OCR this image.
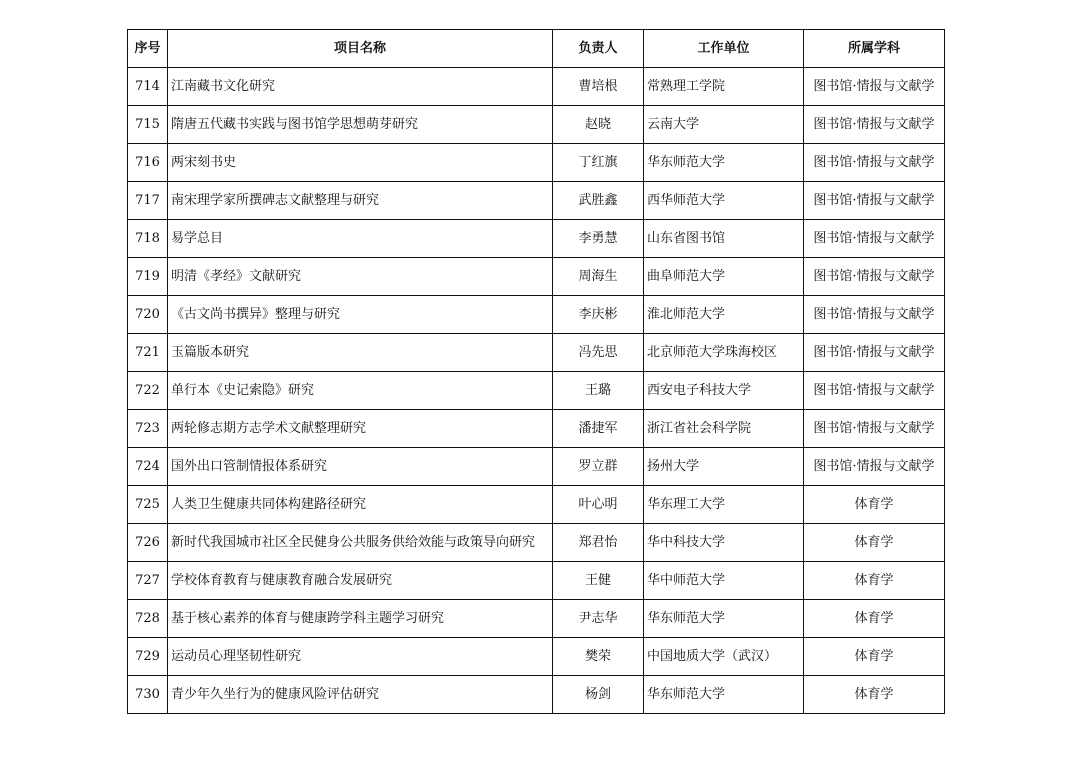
序号	项目名称	负责人	工作单位	所属学科
714	江南藏书文化研究	曹培根	常熟理工学院	图书馆·情报与文献学

715	隋唐五代藏书实践与图书馆学思想萌芽研究	赵晓	云南大学	图书馆·情报与文献学

716	两宋刻书史	丁红旗	华东师范大学	图书馆·情报与文献学

717	南宋理学家所撰碑志文献整理与研究	武胜鑫	西华师范大学	图书馆·情报与文献学

718	易学总目	李勇慧	山东省图书馆	图书馆·情报与文献学

719	明清《孝经》文献研究	周海生	曲阜师范大学	图书馆·情报与文献学

720	《古文尚书撰异》整理与研究	李庆彬	淮北师范大学	图书馆·情报与文献学

721	玉篇版本研究	冯先思	北京师范大学珠海校区	图书馆·情报与文献学

722	单行本《史记索隐》研究	王璐	西安电子科技大学	图书馆·情报与文献学

723	两轮修志期方志学术文献整理研究	潘捷军	浙江省社会科学院	图书馆·情报与文献学

724	国外出口管制情报体系研究	罗立群	扬州大学	图书馆·情报与文献学

725	人类卫生健康共同体构建路径研究	叶心明	华东理工大学	体育学

726	新时代我国城市社区全民健身公共服务供给效能与政策导向研究	郑君怡	华中科技大学	体育学

727	学校体育教育与健康教育融合发展研究	王健	华中师范大学	体育学

728	基于核心素养的体育与健康跨学科主题学习研究	尹志华	华东师范大学	体育学

729	运动员心理坚韧性研究	樊荣	中国地质大学（武汉）	体育学

730	青少年久坐行为的健康风险评估研究	杨剑	华东师范大学	体育学
